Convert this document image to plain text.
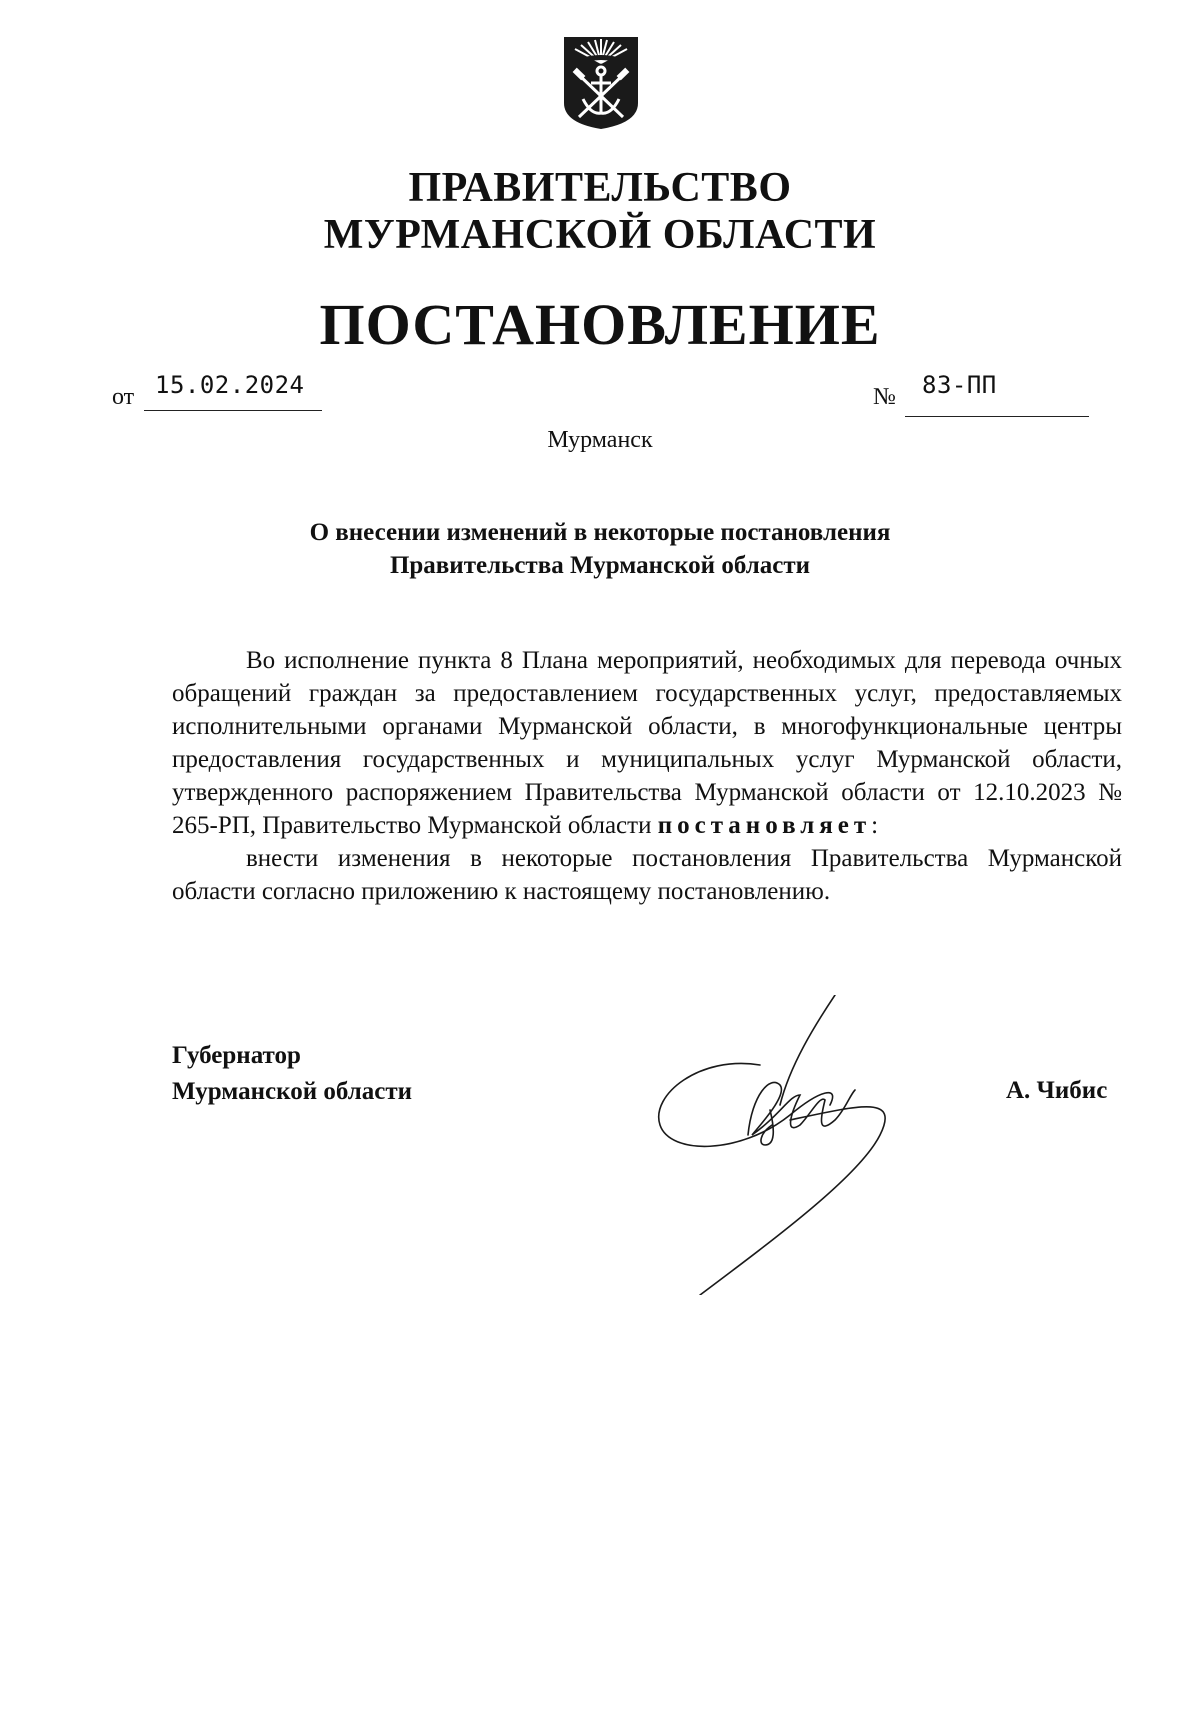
ПРАВИТЕЛЬСТВО
МУРМАНСКОЙ ОБЛАСТИ
ПОСТАНОВЛЕНИЕ
от 15.02.2024	№ 83-ПП
Мурманск
О внесении изменений в некоторые постановления
Правительства Мурманской области

Во исполнение пункта 8 Плана мероприятий, необходимых для перевода очных обращений граждан за предоставлением государственных услуг, предоставляемых исполнительными органами Мурманской области, в многофункциональные центры предоставления государственных и муниципальных услуг Мурманской области, утвержденного распоряжением Правительства Мурманской области от 12.10.2023 № 265-РП, Правительство Мурманской области постановляет:

внести изменения в некоторые постановления Правительства Мурманской области согласно приложению к настоящему постановлению.

Губернатор
Мурманской области	А. Чибис
